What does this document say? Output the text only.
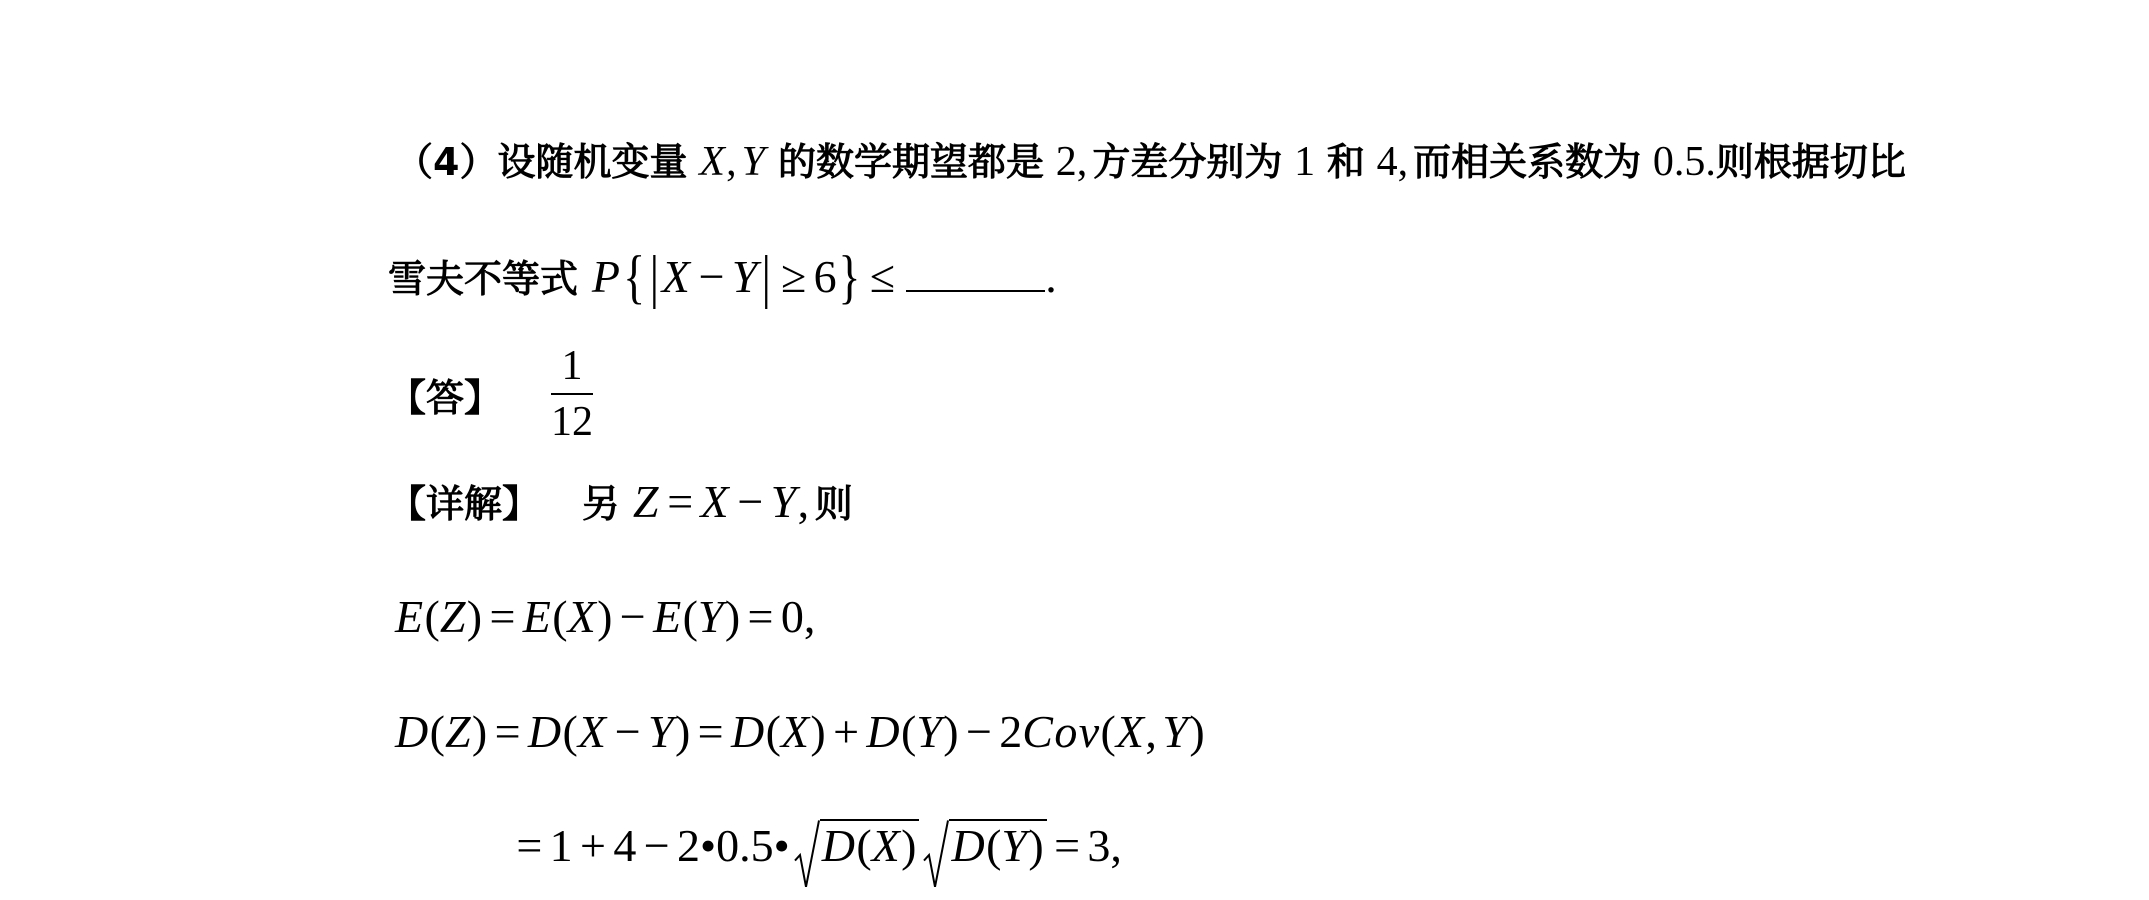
（4）设随机变量 X, Y 的数学期望都是 2, 方差分别为 1 和 4, 而相关系数为 0.5.则根据切比
雪夫不等式 P{|X − Y| ≥ 6} ≤	.
【答】 $\frac{1}{12}$
【详解】 另 Z = X − Y, 则
E(Z) = E(X) − E(Y) = 0,
D(Z) = D(X − Y) = D(X) + D(Y) − 2Cov(X, Y)
= 1 + 4 − 2•0.5• D(X) D(Y) = 3,
